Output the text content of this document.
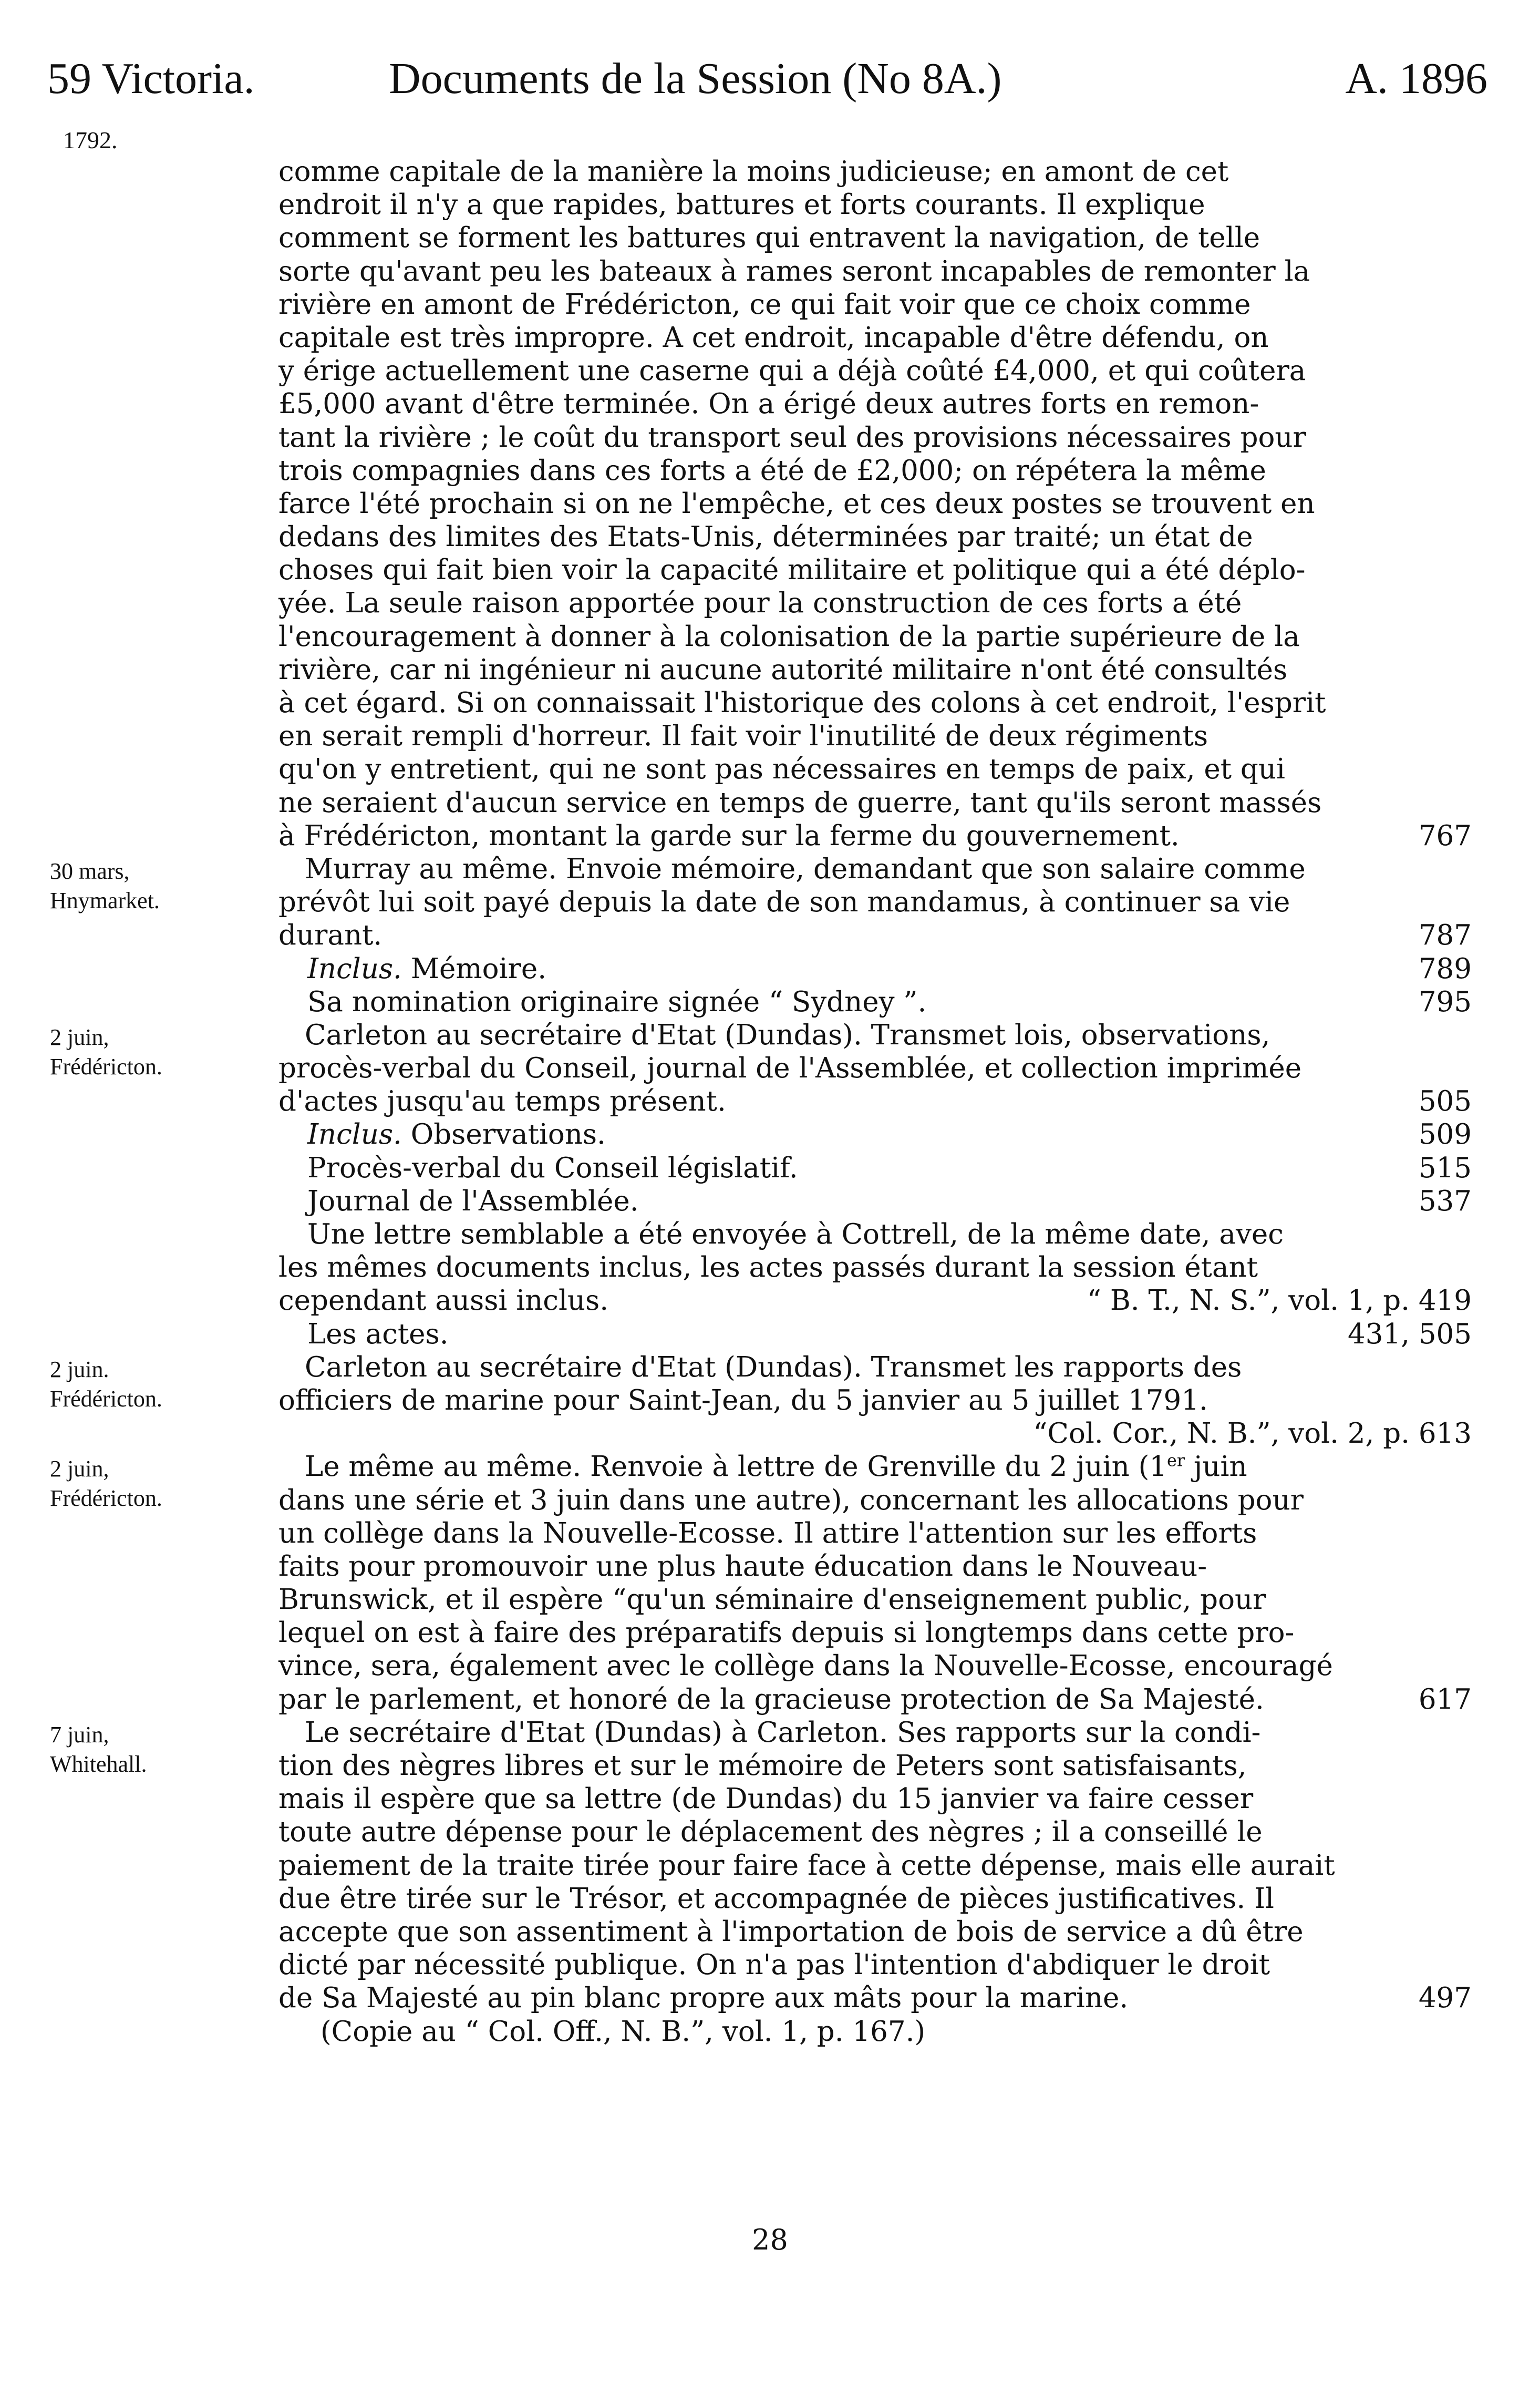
59 Victoria.	Documents de la Session (No 8A.)	A. 1896
1792.
comme capitale de la manière la moins judicieuse; en amont de cet
endroit il n'y a que rapides, battures et forts courants. Il explique
comment se forment les battures qui entravent la navigation, de telle
sorte qu'avant peu les bateaux à rames seront incapables de remonter la
rivière en amont de Frédéricton, ce qui fait voir que ce choix comme
capitale est très impropre. A cet endroit, incapable d'être défendu, on
y érige actuellement une caserne qui a déjà coûté £4,000, et qui coûtera
£5,000 avant d'être terminée. On a érigé deux autres forts en remon-
tant la rivière ; le coût du transport seul des provisions nécessaires pour
trois compagnies dans ces forts a été de £2,000; on répétera la même
farce l'été prochain si on ne l'empêche, et ces deux postes se trouvent en
dedans des limites des Etats-Unis, déterminées par traité; un état de
choses qui fait bien voir la capacité militaire et politique qui a été déplo-
yée. La seule raison apportée pour la construction de ces forts a été
l'encouragement à donner à la colonisation de la partie supérieure de la
rivière, car ni ingénieur ni aucune autorité militaire n'ont été consultés
à cet égard. Si on connaissait l'historique des colons à cet endroit, l'esprit
en serait rempli d'horreur. Il fait voir l'inutilité de deux régiments
qu'on y entretient, qui ne sont pas nécessaires en temps de paix, et qui
ne seraient d'aucun service en temps de guerre, tant qu'ils seront massés
à Frédéricton, montant la garde sur la ferme du gouvernement.	767
Murray au même. Envoie mémoire, demandant que son salaire comme
30 mars,
Hnymarket.	prévôt lui soit payé depuis la date de son mandamus, à continuer sa vie
durant.	787
Inclus. Mémoire.	789
Sa nomination originaire signée “ Sydney ”.	795
Carleton au secrétaire d'Etat (Dundas). Transmet lois, observations,
2 juin,
Frédéricton.	procès-verbal du Conseil, journal de l'Assemblée, et collection imprimée
d'actes jusqu'au temps présent.	505
Inclus. Observations.	509
Procès-verbal du Conseil législatif.	515
Journal de l'Assemblée.	537
Une lettre semblable a été envoyée à Cottrell, de la même date, avec
les mêmes documents inclus, les actes passés durant la session étant
cependant aussi inclus.	“ B. T., N. S.”, vol. 1, p. 419
Les actes.	431, 505
Carleton au secrétaire d'Etat (Dundas). Transmet les rapports des
2 juin.
Frédéricton.	officiers de marine pour Saint-Jean, du 5 janvier au 5 juillet 1791.
“Col. Cor., N. B.”, vol. 2, p. 613
Le même au même. Renvoie à lettre de Grenville du 2 juin (1er juin
2 juin,
Frédéricton.	dans une série et 3 juin dans une autre), concernant les allocations pour
un collège dans la Nouvelle-Ecosse. Il attire l'attention sur les efforts
faits pour promouvoir une plus haute éducation dans le Nouveau-
Brunswick, et il espère “qu'un séminaire d'enseignement public, pour
lequel on est à faire des préparatifs depuis si longtemps dans cette pro-
vince, sera, également avec le collège dans la Nouvelle-Ecosse, encouragé
par le parlement, et honoré de la gracieuse protection de Sa Majesté.	617
Le secrétaire d'Etat (Dundas) à Carleton. Ses rapports sur la condi-
7 juin,
Whitehall.	tion des nègres libres et sur le mémoire de Peters sont satisfaisants,
mais il espère que sa lettre (de Dundas) du 15 janvier va faire cesser
toute autre dépense pour le déplacement des nègres ; il a conseillé le
paiement de la traite tirée pour faire face à cette dépense, mais elle aurait
due être tirée sur le Trésor, et accompagnée de pièces justificatives. Il
accepte que son assentiment à l'importation de bois de service a dû être
dicté par nécessité publique. On n'a pas l'intention d'abdiquer le droit
de Sa Majesté au pin blanc propre aux mâts pour la marine.	497
(Copie au “ Col. Off., N. B.”, vol. 1, p. 167.)
28
